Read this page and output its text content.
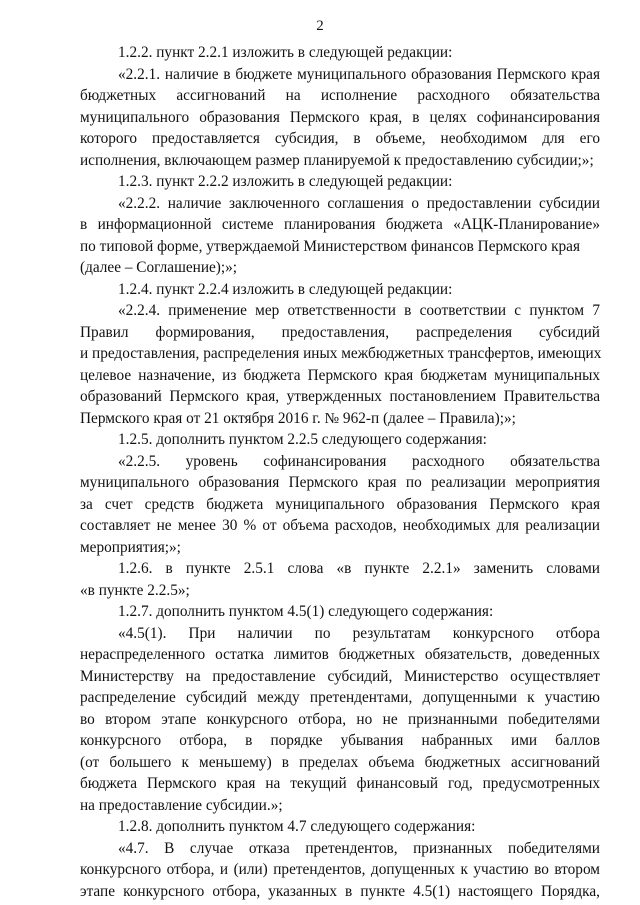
2
1.2.2. пункт 2.2.1 изложить в следующей редакции:
«2.2.1. наличие в бюджете муниципального образования Пермского края
бюджетных ассигнований на исполнение расходного обязательства
муниципального образования Пермского края, в целях софинансирования
которого предоставляется субсидия, в объеме, необходимом для его
исполнения, включающем размер планируемой к предоставлению субсидии;»;
1.2.3. пункт 2.2.2 изложить в следующей редакции:
«2.2.2. наличие заключенного соглашения о предоставлении субсидии
в информационной системе планирования бюджета «АЦК-Планирование»
по типовой форме, утверждаемой Министерством финансов Пермского края
(далее – Соглашение);»;
1.2.4. пункт 2.2.4 изложить в следующей редакции:
«2.2.4. применение мер ответственности в соответствии с пунктом 7
Правил формирования, предоставления, распределения субсидий
и предоставления, распределения иных межбюджетных трансфертов, имеющих
целевое назначение, из бюджета Пермского края бюджетам муниципальных
образований Пермского края, утвержденных постановлением Правительства
Пермского края от 21 октября 2016 г. № 962-п (далее – Правила);»;
1.2.5. дополнить пунктом 2.2.5 следующего содержания:
«2.2.5. уровень софинансирования расходного обязательства
муниципального образования Пермского края по реализации мероприятия
за счет средств бюджета муниципального образования Пермского края
составляет не менее 30 % от объема расходов, необходимых для реализации
мероприятия;»;
1.2.6. в пункте 2.5.1 слова «в пункте 2.2.1» заменить словами
«в пункте 2.2.5»;
1.2.7. дополнить пунктом 4.5(1) следующего содержания:
«4.5(1). При наличии по результатам конкурсного отбора
нераспределенного остатка лимитов бюджетных обязательств, доведенных
Министерству на предоставление субсидий, Министерство осуществляет
распределение субсидий между претендентами, допущенными к участию
во втором этапе конкурсного отбора, но не признанными победителями
конкурсного отбора, в порядке убывания набранных ими баллов
(от большего к меньшему) в пределах объема бюджетных ассигнований
бюджета Пермского края на текущий финансовый год, предусмотренных
на предоставление субсидии.»;
1.2.8. дополнить пунктом 4.7 следующего содержания:
«4.7. В случае отказа претендентов, признанных победителями
конкурсного отбора, и (или) претендентов, допущенных к участию во втором
этапе конкурсного отбора, указанных в пункте 4.5(1) настоящего Порядка,
